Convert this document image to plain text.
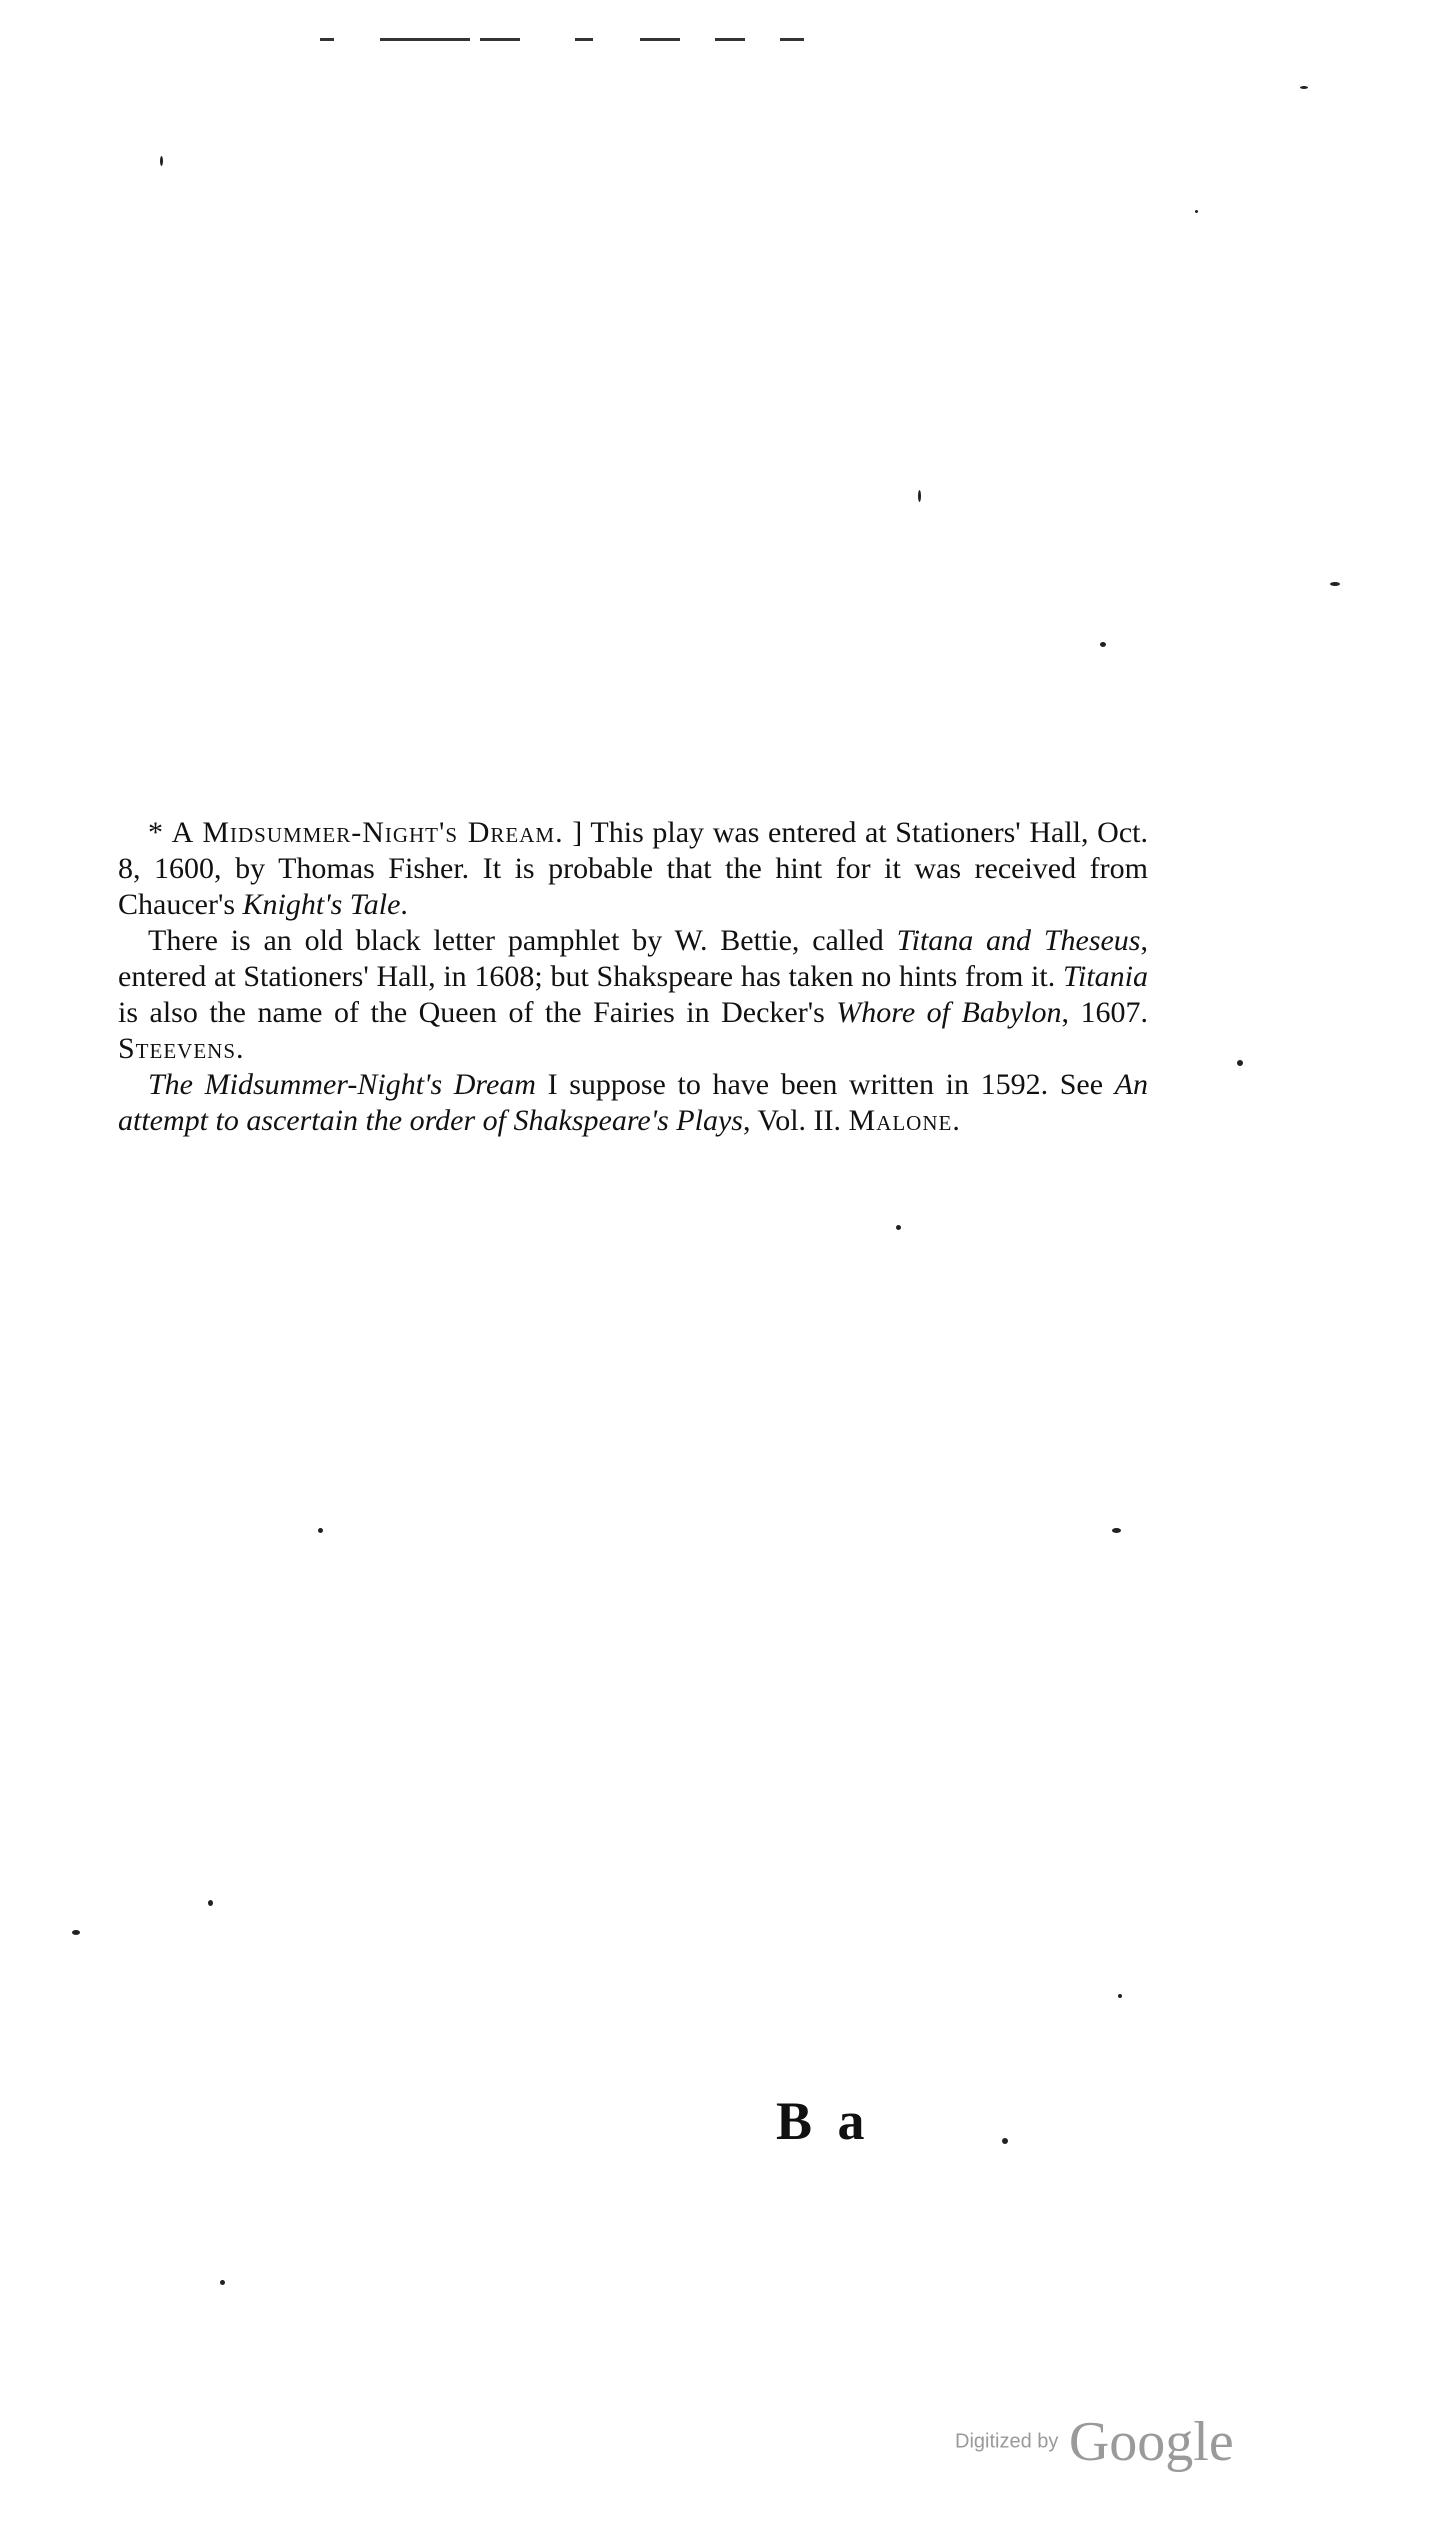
* A Midsummer-Night's Dream. ] This play was entered at Stationers' Hall, Oct. 8, 1600, by Thomas Fisher. It is probable that the hint for it was received from Chaucer's Knight's Tale.

There is an old black letter pamphlet by W. Bettie, called Titana and Theseus, entered at Stationers' Hall, in 1608; but Shakspeare has taken no hints from it. Titania is also the name of the Queen of the Fairies in Decker's Whore of Babylon, 1607. Steevens.

The Midsummer-Night's Dream I suppose to have been written in 1592. See An attempt to ascertain the order of Shakspeare's Plays, Vol. II. Malone.

B a
Digitized by Google
